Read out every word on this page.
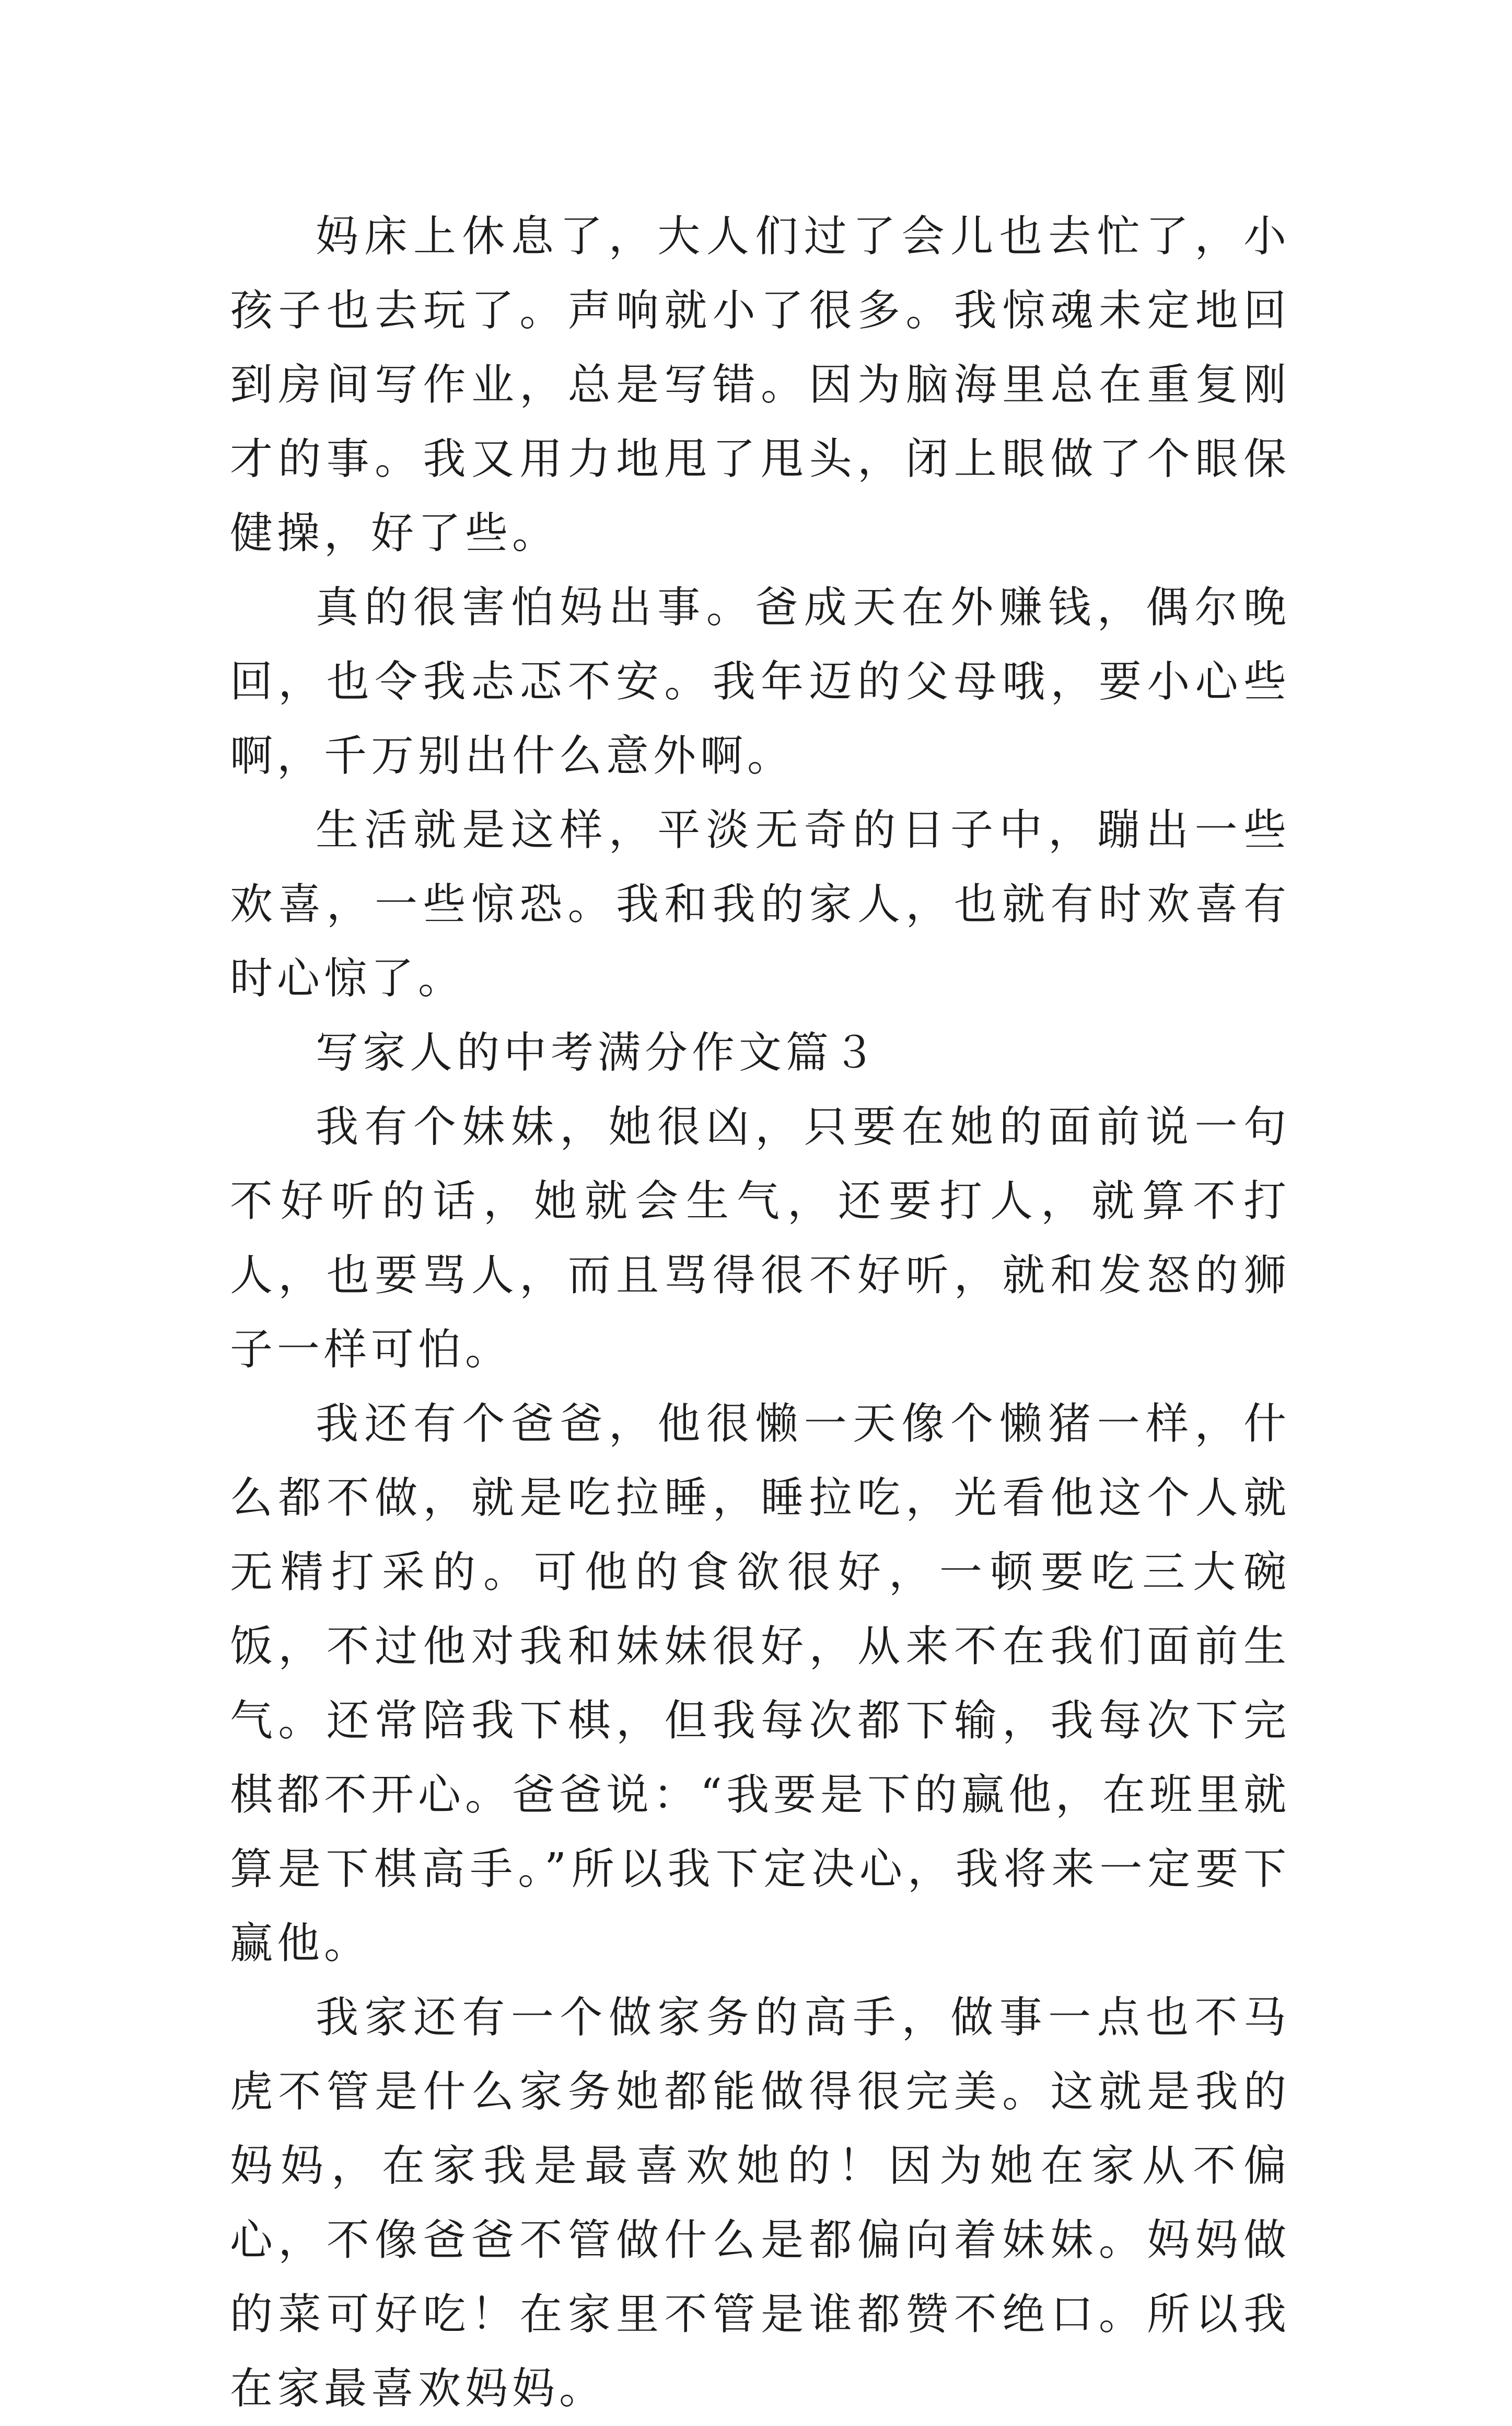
妈床上休息了，大人们过了会儿也去忙了，小孩子也去玩了。声响就小了很多。我惊魂未定地回到房间写作业，总是写错。因为脑海里总在重复刚才的事。我又用力地甩了甩头，闭上眼做了个眼保健操，好了些。

真的很害怕妈出事。爸成天在外赚钱，偶尔晚回，也令我忐忑不安。我年迈的父母哦，要小心些啊，千万别出什么意外啊。

生活就是这样，平淡无奇的日子中，蹦出一些欢喜，一些惊恐。我和我的家人，也就有时欢喜有时心惊了。

写家人的中考满分作文篇３

我有个妹妹，她很凶，只要在她的面前说一句不好听的话，她就会生气，还要打人，就算不打人，也要骂人，而且骂得很不好听，就和发怒的狮子一样可怕。

我还有个爸爸，他很懒一天像个懒猪一样，什么都不做，就是吃拉睡，睡拉吃，光看他这个人就无精打采的。可他的食欲很好，一顿要吃三大碗饭，不过他对我和妹妹很好，从来不在我们面前生气。还常陪我下棋，但我每次都下输，我每次下完棋都不开心。爸爸说：“我要是下的赢他，在班里就算是下棋高手。”所以我下定决心，我将来一定要下赢他。

我家还有一个做家务的高手，做事一点也不马虎不管是什么家务她都能做得很完美。这就是我的妈妈，在家我是最喜欢她的！因为她在家从不偏心，不像爸爸不管做什么是都偏向着妹妹。妈妈做的菜可好吃！在家里不管是谁都赞不绝口。所以我在家最喜欢妈妈。
